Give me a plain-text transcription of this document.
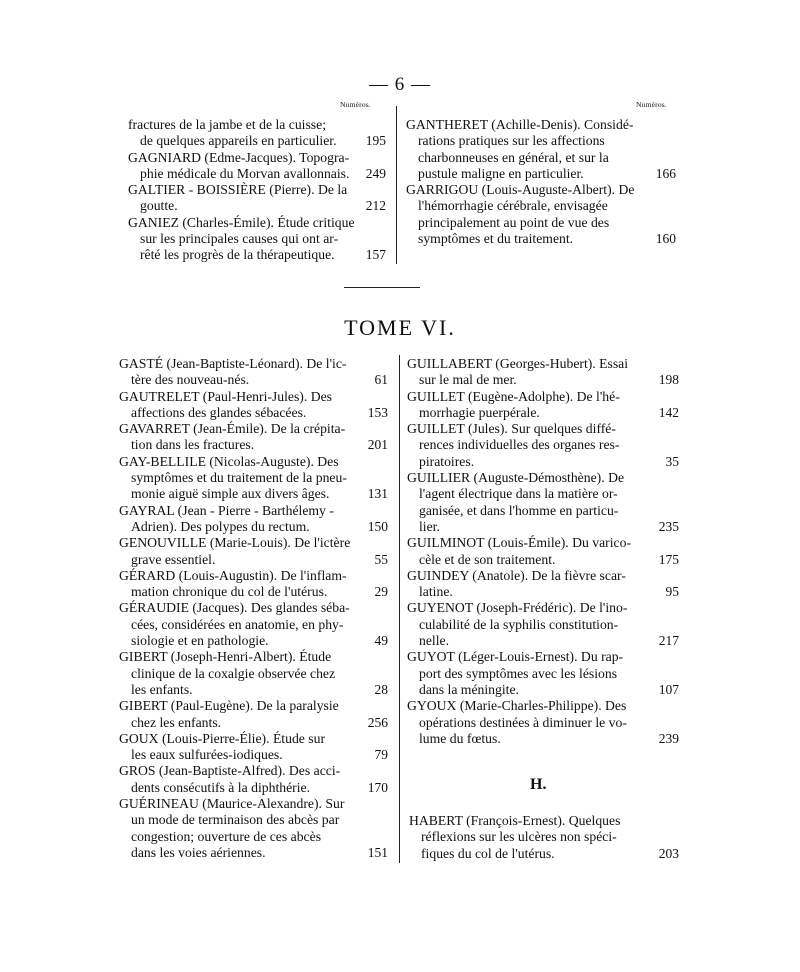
— 6 —
Numéros.	Numéros.
fractures de la jambe et de la cuisse;
de quelques appareils en particulier.	195
GAGNIARD (Edme-Jacques). Topogra-
phie médicale du Morvan avallonnais.	249
GALTIER - BOISSIÈRE (Pierre). De la
goutte.	212
GANIEZ (Charles-Émile). Étude critique
sur les principales causes qui ont ar-
rêté les progrès de la thérapeutique.	157
GANTHERET (Achille-Denis). Considé-
rations pratiques sur les affections
charbonneuses en général, et sur la
pustule maligne en particulier.	166
GARRIGOU (Louis-Auguste-Albert). De
l'hémorrhagie cérébrale, envisagée
principalement au point de vue des
symptômes et du traitement.	160
TOME VI.
GASTÉ (Jean-Baptiste-Léonard). De l'ic-
tère des nouveau-nés.	61
GAUTRELET (Paul-Henri-Jules). Des
affections des glandes sébacées.	153
GAVARRET (Jean-Émile). De la crépita-
tion dans les fractures.	201
GAY-BELLILE (Nicolas-Auguste). Des
symptômes et du traitement de la pneu-
monie aiguë simple aux divers âges.	131
GAYRAL (Jean - Pierre - Barthélemy -
Adrien). Des polypes du rectum.	150
GENOUVILLE (Marie-Louis). De l'ictère
grave essentiel.	55
GÉRARD (Louis-Augustin). De l'inflam-
mation chronique du col de l'utérus.	29
GÉRAUDIE (Jacques). Des glandes séba-
cées, considérées en anatomie, en phy-
siologie et en pathologie.	49
GIBERT (Joseph-Henri-Albert). Étude
clinique de la coxalgie observée chez
les enfants.	28
GIBERT (Paul-Eugène). De la paralysie
chez les enfants.	256
GOUX (Louis-Pierre-Élie). Étude sur
les eaux sulfurées-iodiques.	79
GROS (Jean-Baptiste-Alfred). Des acci-
dents consécutifs à la diphthérie.	170
GUÉRINEAU (Maurice-Alexandre). Sur
un mode de terminaison des abcès par
congestion; ouverture de ces abcès
dans les voies aériennes.	151
GUILLABERT (Georges-Hubert). Essai
sur le mal de mer.	198
GUILLET (Eugène-Adolphe). De l'hé-
morrhagie puerpérale.	142
GUILLET (Jules). Sur quelques diffé-
rences individuelles des organes res-
piratoires.	35
GUILLIER (Auguste-Démosthène). De
l'agent électrique dans la matière or-
ganisée, et dans l'homme en particu-
lier.	235
GUILMINOT (Louis-Émile). Du varico-
cèle et de son traitement.	175
GUINDEY (Anatole). De la fièvre scar-
latine.	95
GUYENOT (Joseph-Frédéric). De l'ino-
culabilité de la syphilis constitution-
nelle.	217
GUYOT (Léger-Louis-Ernest). Du rap-
port des symptômes avec les lésions
dans la méningite.	107
GYOUX (Marie-Charles-Philippe). Des
opérations destinées à diminuer le vo-
lume du fœtus.	239
H.
HABERT (François-Ernest). Quelques
réflexions sur les ulcères non spéci-
fiques du col de l'utérus.	203
